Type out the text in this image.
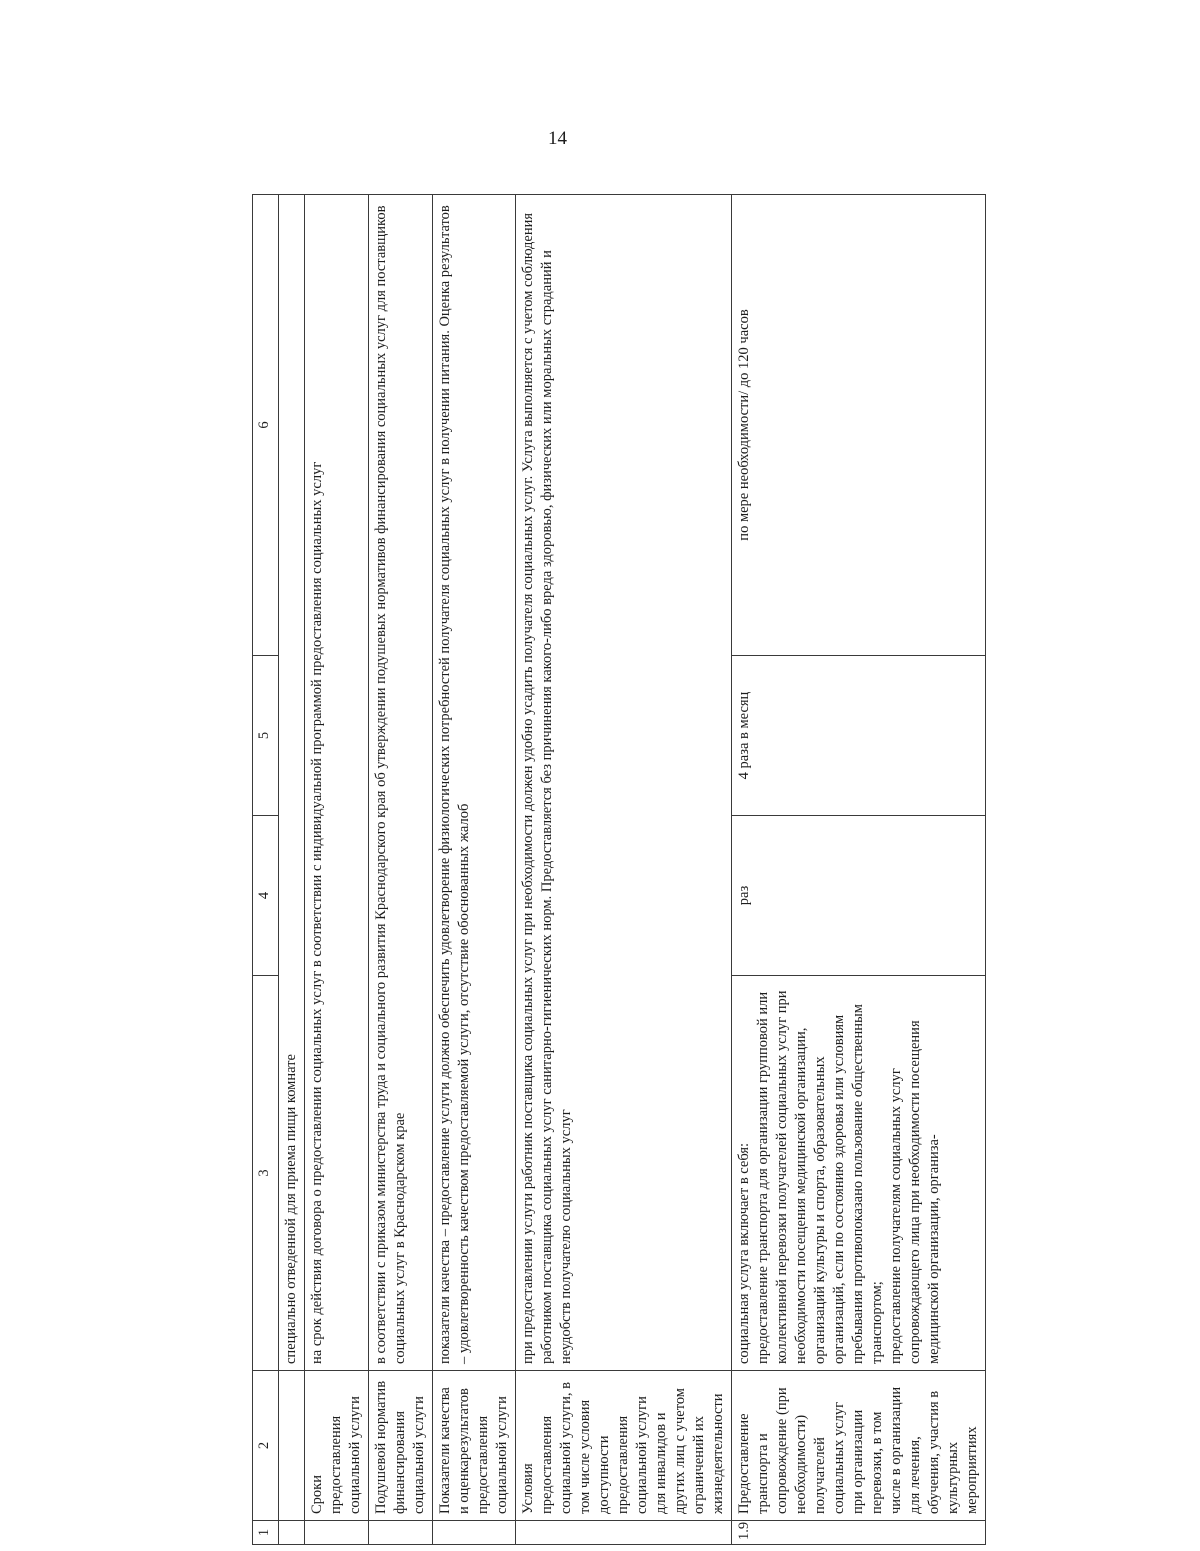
14
1	2	3	4	5	6
		специально отведенной для приема пищи комнате			
	Сроки предоставления социальной услуги	на срок действия договора о предоставлении социальных услуг в соответствии с индивидуальной программой предоставления социальных услуг			
	Подушевой норматив финансирования социальной услуги	в соответствии с приказом министерства труда и социального развития Краснодарского края об утверждении подушевых нормативов финансирования социальных услуг для поставщиков социальных услуг в Краснодарском крае			
	Показатели качества и оценкарезультатов предоставления социальной услуги	показатели качества – предоставление услуги должно обеспечить удовлетворение физиологических потребностей получателя социальных услуг в получении питания. Оценка результатов – удовлетворенность качеством предоставляемой услуги, отсутствие обоснованных жалоб			
	Условия предоставления социальной услуги, в том числе условия доступности предоставления социальной услуги для инвалидов и других лиц с учетом ограничений их жизнедеятельности	при предоставлении услуги работник поставщика социальных услуг при необходимости должен удобно усадить получателя социальных услуг. Услуга выполняется с учетом соблюдения работником поставщика социальных услуг санитарно-гигиенических норм. Предоставляется без причинения какого-либо вреда здоровью, физических или моральных страданий и неудобств получателю социальных услуг			
1.9	Предоставление транспорта и сопровождение (при необходимости) получателей социальных услуг при организации перевозки, в том числе в организации для лечения, обучения, участия в культурных мероприятиях	социальная услуга включает в себя: предоставление транспорта для организации групповой или коллективной перевозки получателей социальных услуг при необходимости посещения медицинской организации, организаций культуры и спорта, образовательных организаций, если по состоянию здоровья или условиям пребывания противопоказано пользование общественным транспортом; предоставление получателям социальных услуг сопровождающего лица при необходимости посещения медицинской организации, организа-	раз	4 раза в месяц	по мере необходимости/ до 120 часов
